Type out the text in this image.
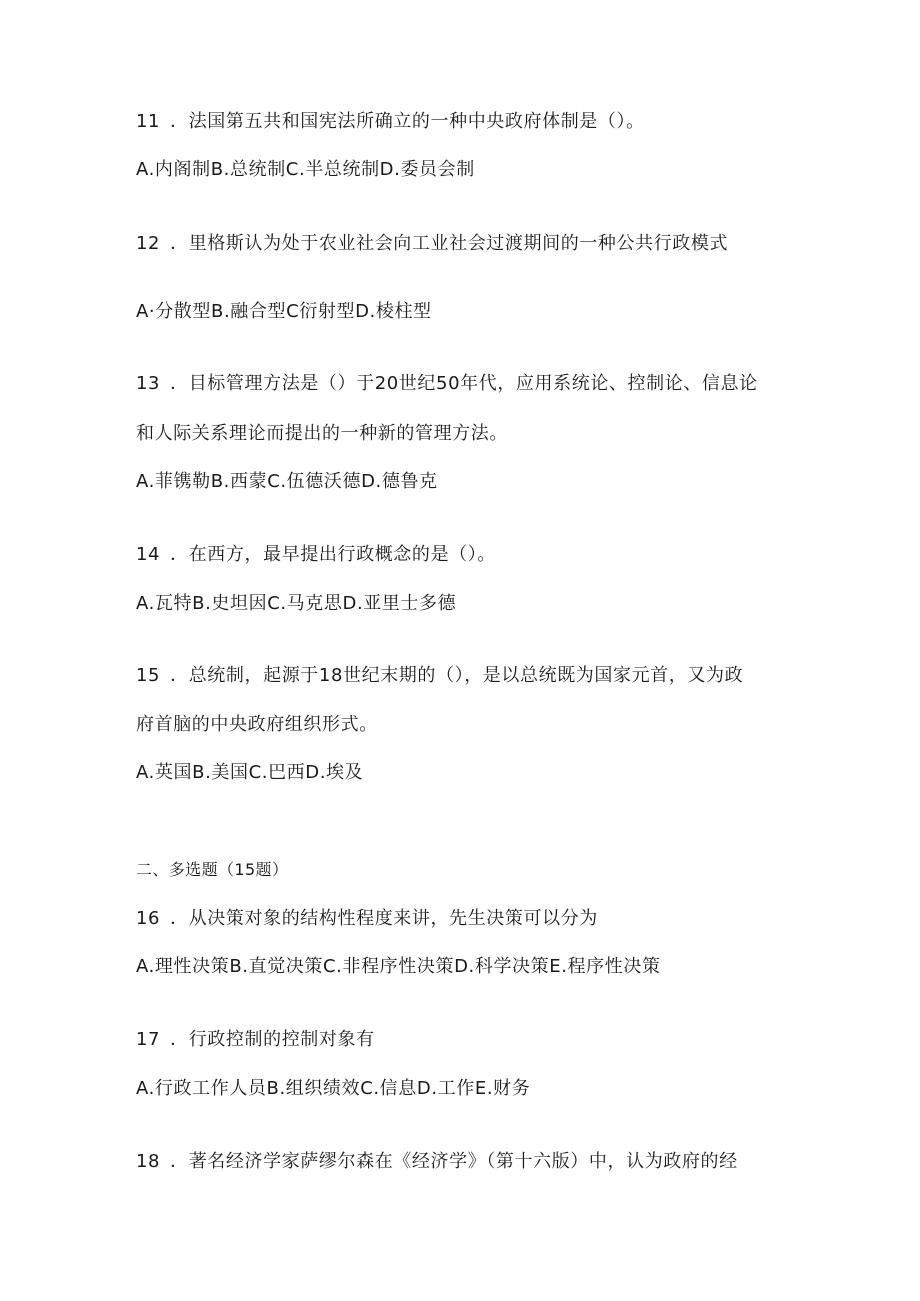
11 ．法国第五共和国宪法所确立的一种中央政府体制是（）。
A.内阁制B.总统制C.半总统制D.委员会制
12 ．里格斯认为处于农业社会向工业社会过渡期间的一种公共行政模式
A·分散型B.融合型C衍射型D.棱柱型
13 ．目标管理方法是（）于20世纪50年代，应用系统论、控制论、信息论
和人际关系理论而提出的一种新的管理方法。
A.菲镌勒B.西蒙C.伍德沃德D.德鲁克
14 ．在西方，最早提出行政概念的是（）。
A.瓦特B.史坦因C.马克思D.亚里士多德
15 ．总统制，起源于18世纪末期的（），是以总统既为国家元首，又为政
府首脑的中央政府组织形式。
A.英国B.美国C.巴西D.埃及
二、多选题（15题）
16 ．从决策对象的结构性程度来讲，先生决策可以分为
A.理性决策B.直觉决策C.非程序性决策D.科学决策E.程序性决策
17 ．行政控制的控制对象有
A.行政工作人员B.组织绩效C.信息D.工作E.财务
18 ．著名经济学家萨缪尔森在《经济学》（第十六版）中，认为政府的经
